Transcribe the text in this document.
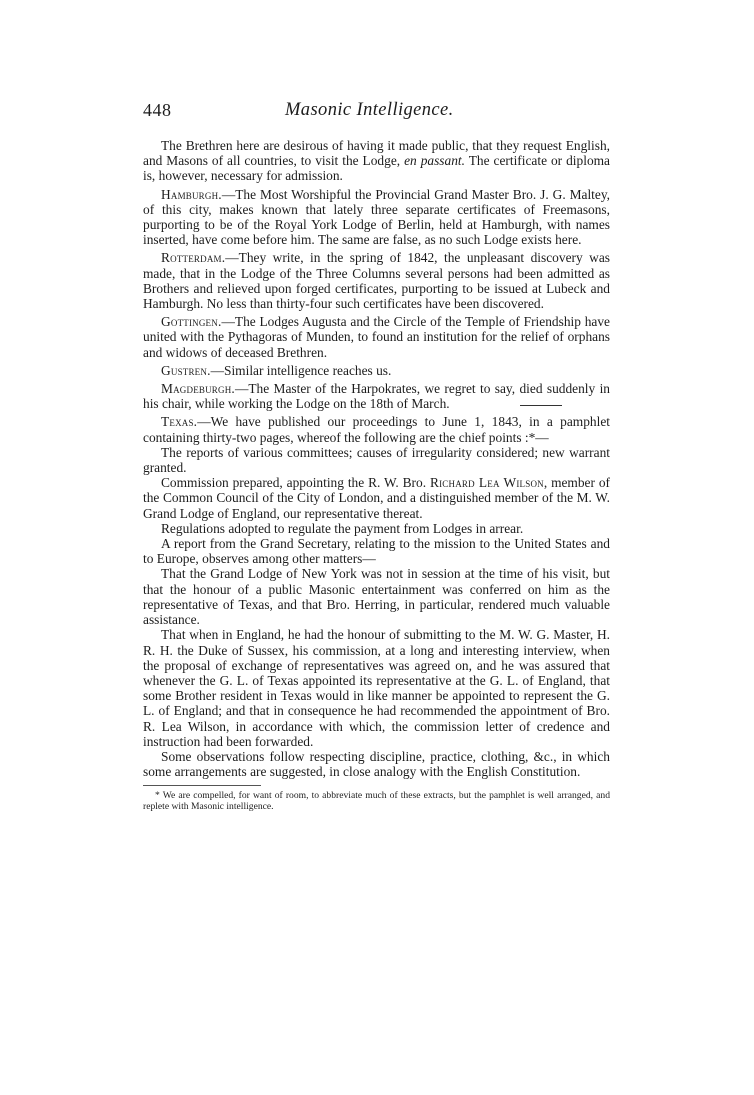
448	Masonic Intelligence.

The Brethren here are desirous of having it made public, that they request English, and Masons of all countries, to visit the Lodge, en passant. The certificate or diploma is, however, necessary for admission.

Hamburgh.—The Most Worshipful the Provincial Grand Master Bro. J. G. Maltey, of this city, makes known that lately three separate certificates of Freemasons, purporting to be of the Royal York Lodge of Berlin, held at Hamburgh, with names inserted, have come before him. The same are false, as no such Lodge exists here.

Rotterdam.—They write, in the spring of 1842, the unpleasant discovery was made, that in the Lodge of the Three Columns several persons had been admitted as Brothers and relieved upon forged certificates, purporting to be issued at Lubeck and Hamburgh. No less than thirty-four such certificates have been discovered.

Gottingen.—The Lodges Augusta and the Circle of the Temple of Friendship have united with the Pythagoras of Munden, to found an institution for the relief of orphans and widows of deceased Brethren.

Gustren.—Similar intelligence reaches us.

Magdeburgh.—The Master of the Harpokrates, we regret to say, died suddenly in his chair, while working the Lodge on the 18th of March.

Texas.—We have published our proceedings to June 1, 1843, in a pamphlet containing thirty-two pages, whereof the following are the chief points :*—

The reports of various committees; causes of irregularity considered; new warrant granted.

Commission prepared, appointing the R. W. Bro. Richard Lea Wilson, member of the Common Council of the City of London, and a distinguished member of the M. W. Grand Lodge of England, our representative thereat.

Regulations adopted to regulate the payment from Lodges in arrear.

A report from the Grand Secretary, relating to the mission to the United States and to Europe, observes among other matters—

That the Grand Lodge of New York was not in session at the time of his visit, but that the honour of a public Masonic entertainment was conferred on him as the representative of Texas, and that Bro. Herring, in particular, rendered much valuable assistance.

That when in England, he had the honour of submitting to the M. W. G. Master, H. R. H. the Duke of Sussex, his commission, at a long and interesting interview, when the proposal of exchange of representatives was agreed on, and he was assured that whenever the G. L. of Texas appointed its representative at the G. L. of England, that some Brother resident in Texas would in like manner be appointed to represent the G. L. of England; and that in consequence he had recommended the appointment of Bro. R. Lea Wilson, in accordance with which, the commission letter of credence and instruction had been forwarded.

Some observations follow respecting discipline, practice, clothing, &c., in which some arrangements are suggested, in close analogy with the English Constitution.

* We are compelled, for want of room, to abbreviate much of these extracts, but the pamphlet is well arranged, and replete with Masonic intelligence.
